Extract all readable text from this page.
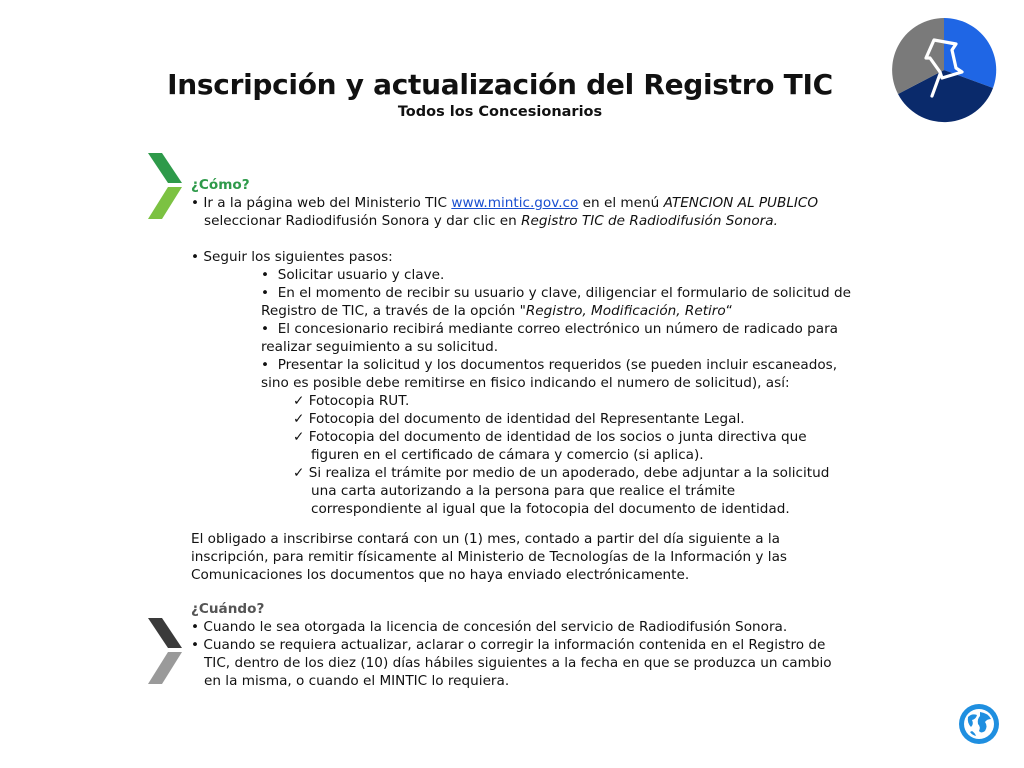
Inscripción y actualización del Registro TIC
Todos los Concesionarios
¿Cómo?
• Ir a la página web del Ministerio TIC www.mintic.gov.co en el menú ATENCION AL PUBLICO
seleccionar Radiodifusión Sonora y dar clic en Registro TIC de Radiodifusión Sonora.
• Seguir los siguientes pasos:
• Solicitar usuario y clave.
• En el momento de recibir su usuario y clave, diligenciar el formulario de solicitud de
Registro de TIC, a través de la opción "Registro, Modificación, Retiro“
• El concesionario recibirá mediante correo electrónico un número de radicado para
realizar seguimiento a su solicitud.
• Presentar la solicitud y los documentos requeridos (se pueden incluir escaneados,
sino es posible debe remitirse en fisico indicando el numero de solicitud), así:
✓ Fotocopia RUT.
✓ Fotocopia del documento de identidad del Representante Legal.
✓ Fotocopia del documento de identidad de los socios o junta directiva que
figuren en el certificado de cámara y comercio (si aplica).
✓ Si realiza el trámite por medio de un apoderado, debe adjuntar a la solicitud
una carta autorizando a la persona para que realice el trámite
correspondiente al igual que la fotocopia del documento de identidad.
El obligado a inscribirse contará con un (1) mes, contado a partir del día siguiente a la
inscripción, para remitir físicamente al Ministerio de Tecnologías de la Información y las
Comunicaciones los documentos que no haya enviado electrónicamente.
¿Cuándo?
• Cuando le sea otorgada la licencia de concesión del servicio de Radiodifusión Sonora.
• Cuando se requiera actualizar, aclarar o corregir la información contenida en el Registro de
TIC, dentro de los diez (10) días hábiles siguientes a la fecha en que se produzca un cambio
en la misma, o cuando el MINTIC lo requiera.
